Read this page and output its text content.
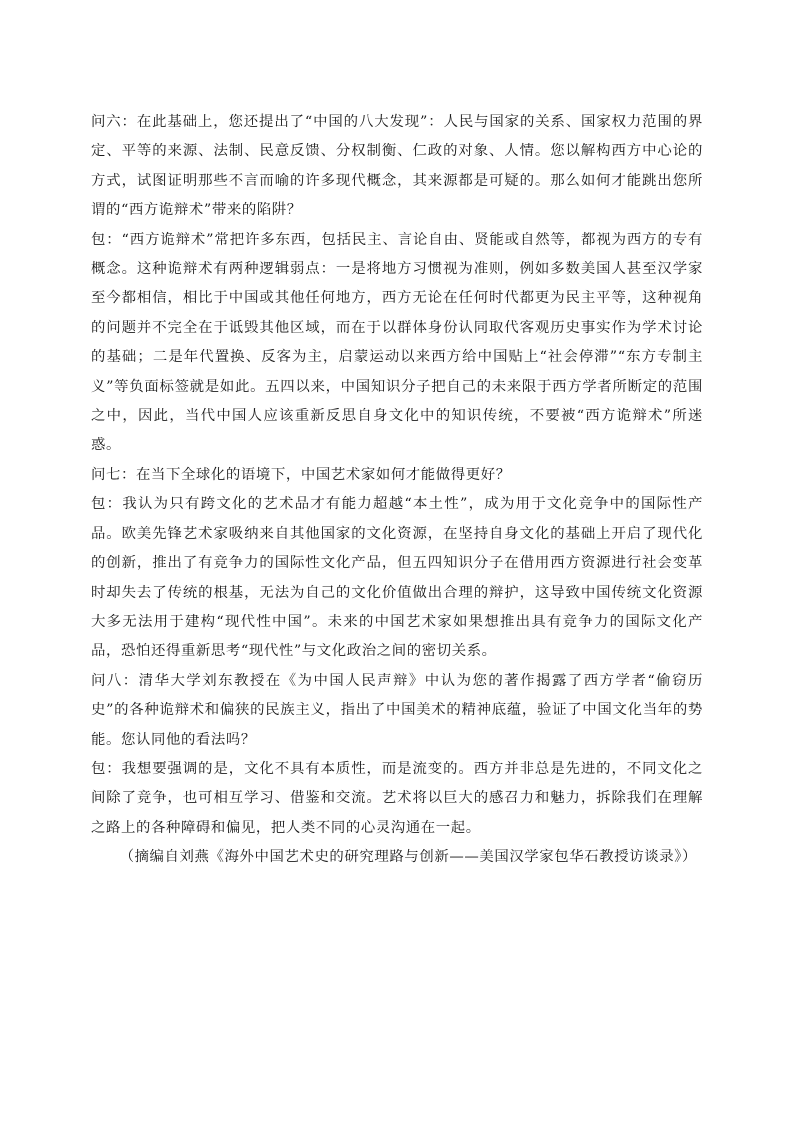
问六：在此基础上，您还提出了“中国的八大发现”：人民与国家的关系、国家权力范围的界定、平等的来源、法制、民意反馈、分权制衡、仁政的对象、人情。您以解构西方中心论的方式，试图证明那些不言而喻的许多现代概念，其来源都是可疑的。那么如何才能跳出您所谓的“西方诡辩术”带来的陷阱？

包：“西方诡辩术”常把许多东西，包括民主、言论自由、贤能或自然等，都视为西方的专有概念。这种诡辩术有两种逻辑弱点：一是将地方习惯视为准则，例如多数美国人甚至汉学家至今都相信，相比于中国或其他任何地方，西方无论在任何时代都更为民主平等，这种视角的问题并不完全在于诋毁其他区域，而在于以群体身份认同取代客观历史事实作为学术讨论的基础；二是年代置换、反客为主，启蒙运动以来西方给中国贴上“社会停滞”“东方专制主义”等负面标签就是如此。五四以来，中国知识分子把自己的未来限于西方学者所断定的范围之中，因此，当代中国人应该重新反思自身文化中的知识传统，不要被“西方诡辩术”所迷惑。

问七：在当下全球化的语境下，中国艺术家如何才能做得更好？

包：我认为只有跨文化的艺术品才有能力超越“本土性”，成为用于文化竞争中的国际性产品。欧美先锋艺术家吸纳来自其他国家的文化资源，在坚持自身文化的基础上开启了现代化的创新，推出了有竞争力的国际性文化产品，但五四知识分子在借用西方资源进行社会变革时却失去了传统的根基，无法为自己的文化价值做出合理的辩护，这导致中国传统文化资源大多无法用于建构“现代性中国”。未来的中国艺术家如果想推出具有竞争力的国际文化产品，恐怕还得重新思考“现代性”与文化政治之间的密切关系。

问八：清华大学刘东教授在《为中国人民声辩》中认为您的著作揭露了西方学者“偷窃历史”的各种诡辩术和偏狭的民族主义，指出了中国美术的精神底蕴，验证了中国文化当年的势能。您认同他的看法吗？

包：我想要强调的是，文化不具有本质性，而是流变的。西方并非总是先进的，不同文化之间除了竞争，也可相互学习、借鉴和交流。艺术将以巨大的感召力和魅力，拆除我们在理解之路上的各种障碍和偏见，把人类不同的心灵沟通在一起。

（摘编自刘燕《海外中国艺术史的研究理路与创新——美国汉学家包华石教授访谈录》）
